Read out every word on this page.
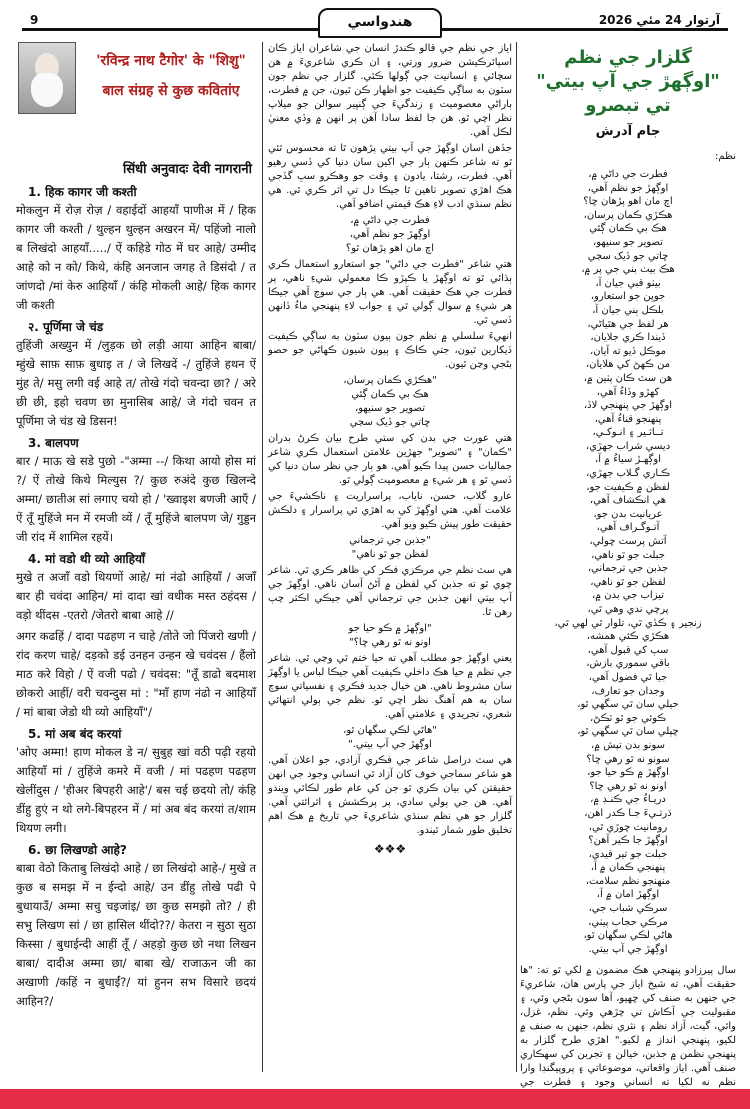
9	هندواسي	آرتوار 24 مئي 2026
'रविन्द्र नाथ टैगोर' के "शिशु" बाल संग्रह से कुछ कवितांए
सिंधी अनुवादः देवी नागरानी
1. हिक कागर जी कश्ती

मोकलुन में रोज़ रोज़ / वहाईदों आहयाँ पाणीअ में / हिक कागर जी कश्ती / थुल्हन थुल्हन अखरन में/ पहिंजो नालो ब लिखंदो आहयाँ...../ ऐं कहिडे गोठ में घर आहे/ उम्मीद आहे को न को/ किथे, कंहि अनजान जगह ते डिसंदो / त जांणदो /मां केरु आहियाँ / कंहि मोकली आहे/ हिक कागर जी कश्ती

२. पूर्णिमा जे चंड

तुहिंजी अख्युन में /लुड़क छो लड़ी आया आहिन बाबा/ म्हुंखे साफ़ साफ़ बुधाइ त / जे लिखदें -/ तुहिंजे हथन ऐं मुंह ते/ मसु लगी वई आहे त/ तोखे गंदो चवन्दा छा? / अरे छी छी, इहो चवण छा मुनासिब आहे/ जे गंदो चवन त पूर्णिमा जे चंड खे डिसन!

3. बालपण

बार / माऊ खे सडे पुछो -"अम्मा --/ किथा आयो होस मां ?/ ऐं तोखे किथे मिल्युस ?/ कुछ रुअंदे कुछ खिलन्दे अम्मा/ छातीअ सां लगाए चयो हो / 'ख्वाइश बणजी आएँ / ऐं तूँ मुहिंजे मन में रमजी व्यें / तूँ मुहिंजे बालपण जे/ गुड्डन जी रांद में शामिल रहयें।

4. मां वडो थी व्यो आहियाँ

मुखे त अजाँ वडो थियणों आहे/ मां नंढो आहियाँ / अजाँ बार ही चवंदा आहिन/ मां दादा खां वधीक मस्त ठहंदस / वड़ो थींदस -एतरो /जेतरो बाबा आहे //

अगर कढहिं / दादा पढहण न चाहे /तोते जो पिंजरो खणी /रांद करण चाहे/ दड़को डई उनहन उन्हन खे चवंदस / हैंलो माठ करे विहो / ऐं वजी पढो / चवंदस: "तूँ डाढो बदमाश छोकरो आहीं/ वरी चवन्दुस मां : "माँ हाण नंढो न आहियाँ / मां बाबा जेडो थी व्यो आहियाँ"/

5. मां अब बंद करयां

'ओए अम्मा! हाण मोकल डे न/ सुबुह खां वठी पढ़ी रहयो आहियाँ मां / तुहिंजे कमरे में वजी / मां पढहण पढहण खेलींदुस / 'हीअर बिपहरी आहे'/ बस चई छदयो तो/ कंहि डींहु हुएं न थो लगे-बिपहरन में / मां अब बंद करयां त/शाम थियण लगी।

6. छा लिखण्डो आहे?

बाबा वेठो किताबु लिखंदो आहे / छा लिखंदो आहे-/ मुखे त कुछ ब समझ में न ईन्दो आहे/ उन डींहु तोखे पढी पे बुधायाउँ/ अम्मा सचु चइजांइ/ छा कुछ समझो तो? / ही सभु लिखण सां / छा हासिल थींदो??/ केतरा न सुठा सुठा किस्सा / बुधाईन्दी आहीं तूँ / अहड़ो कुछ छो नथा लिखन बाबा/ दादीअ अम्मा छा/ बाबा खे/ राजाऊन जी का अखाणी /कहिं न बुधाईं?/ यां हुनन सभ विसारे छदयं आहिन?/

اياز جي نظم جي قالو ڪندڙ انسان جي شاعران اياز ڪان اسپائرڪيشن ضرور ورتي، ۽ ان ڪري شاعريءَ ۾ هن سچائي ۽ انسانيت جي ڳولها ڪئي. گلزار جي نظم جون سٽون به ساڳي ڪيفيت جو اظهار ڪن ٿيون، جن ۾ فطرت، ٻاراڻي معصوميت ۽ زندگيءَ جي ڳنڀير سوالن جو ميلاپ نظر اچي ٿو. هن جا لفظ سادا آهن پر انهن ۾ وڏي معنيٰ لڪل آهي.

جڏهن اسان اوڳهڙ جي آپ بيتي پڙهون ٿا ته محسوس ٿئي ٿو ته شاعر ڪنهن ٻار جي اکين سان دنيا کي ڏسي رهيو آهي. فطرت، رشتا، يادون ۽ وقت جو وهڪرو سڀ گڏجي هڪ اهڙي تصوير ٺاهين ٿا جيڪا دل تي اثر ڪري ٿي. هي نظم سنڌي ادب لاءِ هڪ قيمتي اضافو آهي.

فطرت جي داڻي ۾،

اوڳهڙ جو نظم آهي،

اچ مان اهو پڙهان ٿو؟

هتي شاعر "فطرت جي داڻي" جو استعارو استعمال ڪري ٻڌائي ٿو ته اوڳهڙ يا ڪپڙو ڪا معمولي شيءِ ناهي، پر فطرت جي هڪ حقيقت آهي. هي ٻار جي سوچ آهي جيڪا هر شيءِ ۾ سوال ڳولي ٿي ۽ جواب لاءِ پنهنجي ماءُ ڏانهن ڏسي ٿي.

انهيءَ سلسلي ۾ نظم جون ٻيون سٽون به ساڳي ڪيفيت ڏيکارين ٿيون، جتي ڪاڪ ۽ ٻيون شيون ڪهاڻي جو حصو بڻجي وڃن ٿيون.

"هڪڙي ڪمان پرسان،

هڪ بي ڪمان ڳئي

تصوير جو سنيهو،

ڇاتي جو ڏيک سڄي

هتي عورت جي بدن کي ستي طرح بيان ڪرڻ بدران "ڪمان" ۽ "تصوير" جهڙين علامتن استعمال ڪري شاعر جماليات حسن پيدا ڪيو آهي. هو ٻار جي نظر سان دنيا کي ڏسي ٿو ۽ هر شيءِ ۾ معصوميت ڳولي ٿو.

عارو گلاب، حسن، ناياب، پراسراريت ۽ ناڪشيءَ جي علامت آهي. هتي اوڳهڙ کي به اهڙي ئي پراسرار ۽ دلڪش حقيقت طور پيش ڪيو ويو آهي.

"جذبن جي ترجماني

لفظن جو ٿو ناهي"

هي سٽ نظم جي مرڪزي فڪر کي ظاهر ڪري ٿي. شاعر چوي ٿو ته جذبن کي لفظن ۾ آڻڻ آسان ناهي. اوڳهڙ جي آپ بيتي انهن جذبن جي ترجماني آهي جيڪي اڪثر چپ رهن ٿا.

"اوڳهڙ ۾ ڪو حيا جو

اونو نه ٿو رهي ڇا؟"

يعني اوڳهڙ جو مطلب آهي ته حيا ختم ٿي وڃي ٿي. شاعر جي نظم ۾ حيا هڪ داخلي ڪيفيت آهي جيڪا لباس يا اوڳهڙ سان مشروط ناهي. هن خيال جديد فڪري ۽ نفسياتي سوچ سان به هم آهنگ نظر اچي ٿو. نظم جي ٻولي انتهائي شعري، تجريدي ۽ علامتي آهي.

"هاڻي لڪي سگهان ٿو،

اوڳهڙ جي آپ بيتي."

هي سٽ دراصل شاعر جي فڪري آزادي، جو اعلان آهي. هو شاعر سماجي خوف کان آزاد ٿي انساني وجود جي انهن حقيقتن کي بيان ڪري ٿو جن کي عام طور لڪائي ويندو آهي. هن جي ٻولي سادي، پر پرڪشش ۽ اثرائتي آهي. گلزار جو هي نظم سنڌي شاعريءَ جي تاريخ ۾ هڪ اهم تخليق طور شمار ٿيندو.

❖❖❖
گلزار جي نظم
"اوڳهڙ جي آپ بيتي"
تي تبصرو
جام آدرش
نظم:

فطرت جي داڻي ۾،

اوڳهڙ جو نظم آهي،

اچ مان اهو پڙهان ڇا؟

هڪڙي ڪمان پرسان،

هڪ بي ڪمان ڳئي

تصوير جو سنيهو،

ڇاتي جو ڏيک سڄي

هڪ بيٺ بني جي پر ۾،

بيٺو قبي جيان آ،

جوڀن جو استعارو،

بلڪل ٻني جيان آ،

هر لفظ جي هٿياڻي،

ڏيندا ڪري جلايان،

موڪل ڏيو ته آيان،

من ڪهڻ کي هلايان،

هن سٽ ڪان پٺين ۾،

کهڙو وڏاءُ آهي،

اوڳهڙ جي پنهنجي لاڏ،

پنهنجو قناءُ آهي،

تــاثـير ۽ انـوکـي،

ديسي شراب جهڙي،

اوڳهـڙ سياءُ ۾ آ،

ڪـاري گـلاب جهڙي،

لفظن ۾ ڪيفيت جو،

هي انڪشاف آهي،

عريانيت بدن جو،

آتـوگـراف آهي،

آتش پرست ڇولي،

جبلت جو ٿو ناهي،

جذبن جي ترجماني،

لفظن جو ٿو ناهي،

تيزاب جي بدن ۾،

پرچي ندي وهي ٿي،

زنجير ۽ ڪڏي ٿي، تلوار ٿي لهي ٿي،

هڪڙي ڪئي همشه،

سپ کي قبول آهي،

باقي سموري بازش،

جيا ٿي فضول آهي،

وجدان جو تعارف،

حيلي سان ٿي سگهي ٿو،

ڪوئي جو ٿو ٽڪڻ،

ڇپلي سان ٿي سگهي ٿو،

سونو بدن تپش ۾،

سونو نه ٿو رهي ڇا؟

اوڳهڙ ۾ ڪو حيا جو،

اونو نه ٿو رهي ڇا؟

دريـاءُ جي ڪنـڊ ۾،

ڌرتـيءَ جـا ڪدر اهن،

رومانيت ڇوڙي ٿي،

اوڳهڙ جا ڪير آهن؟

جبلت جو تير قيدي،

پنهنجي ڪمان ۾ آ،

منهنجو نظم سلامت،

اوڳهڙ امان ۾ آ،

سرڪي شباب جي،

مرڪي حجاب پيٺي،

هاڻي لڪي سگهان ٿو،

اوڳهڙ جي آپ بيتي.

سال پيرزادو پنهنجي هڪ مضمون ۾ لکي ٿو ته: "ها حقيقت آهي، ته شيخ اياز جي پارس هان، شاعريءَ جي جنهن به صنف کي ڇهيو، آها سون بڻجي وئي، ۽ مقبوليت جي آڪاش تي چڙهي وئي. نظم، غزل، وائي، گيت، آزاد نظم ۽ نثري نظم، جنهن به صنف ۾ لکيو، پنهنجي انداز ۾ لکيو." اهڙي طرح گلزار به پنهنجي نظمن ۾ جذبن، خيالن ۽ تجربن کي سهڪاري صنف آهي. اياز واقعاتي، موضوعاتي ۽ پروپيگنڊا وارا نظم نه لکيا ته انساني وجود ۽ فطرت جي
